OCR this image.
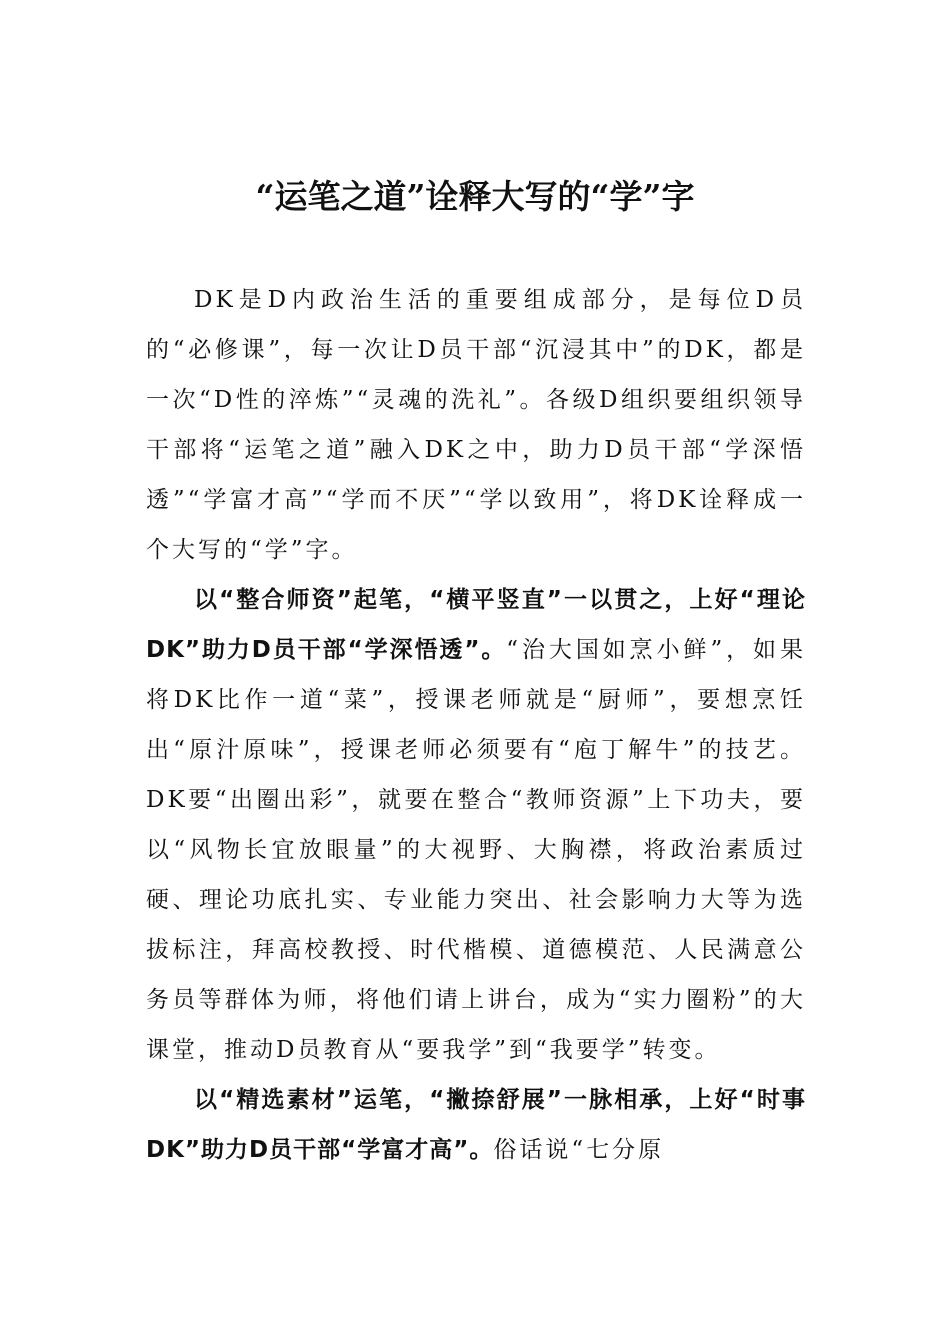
“运笔之道”诠释大写的“学”字

DK是D内政治生活的重要组成部分，是每位D员的“必修课”，每一次让D员干部“沉浸其中”的DK，都是一次“D性的淬炼”“灵魂的洗礼”。各级D组织要组织领导干部将“运笔之道”融入DK之中，助力D员干部“学深悟透”“学富才高”“学而不厌”“学以致用”，将DK诠释成一个大写的“学”字。

以“整合师资”起笔，“横平竖直”一以贯之，上好“理论DK”助力D员干部“学深悟透”。“治大国如烹小鲜”，如果将DK比作一道“菜”，授课老师就是“厨师”，要想烹饪出“原汁原味”，授课老师必须要有“庖丁解牛”的技艺。DK要“出圈出彩”，就要在整合“教师资源”上下功夫，要以“风物长宜放眼量”的大视野、大胸襟，将政治素质过硬、理论功底扎实、专业能力突出、社会影响力大等为选拔标注，拜高校教授、时代楷模、道德模范、人民满意公务员等群体为师，将他们请上讲台，成为“实力圈粉”的大课堂，推动D员教育从“要我学”到“我要学”转变。

以“精选素材”运笔，“撇捺舒展”一脉相承，上好“时事DK”助力D员干部“学富才高”。俗话说“七分原
